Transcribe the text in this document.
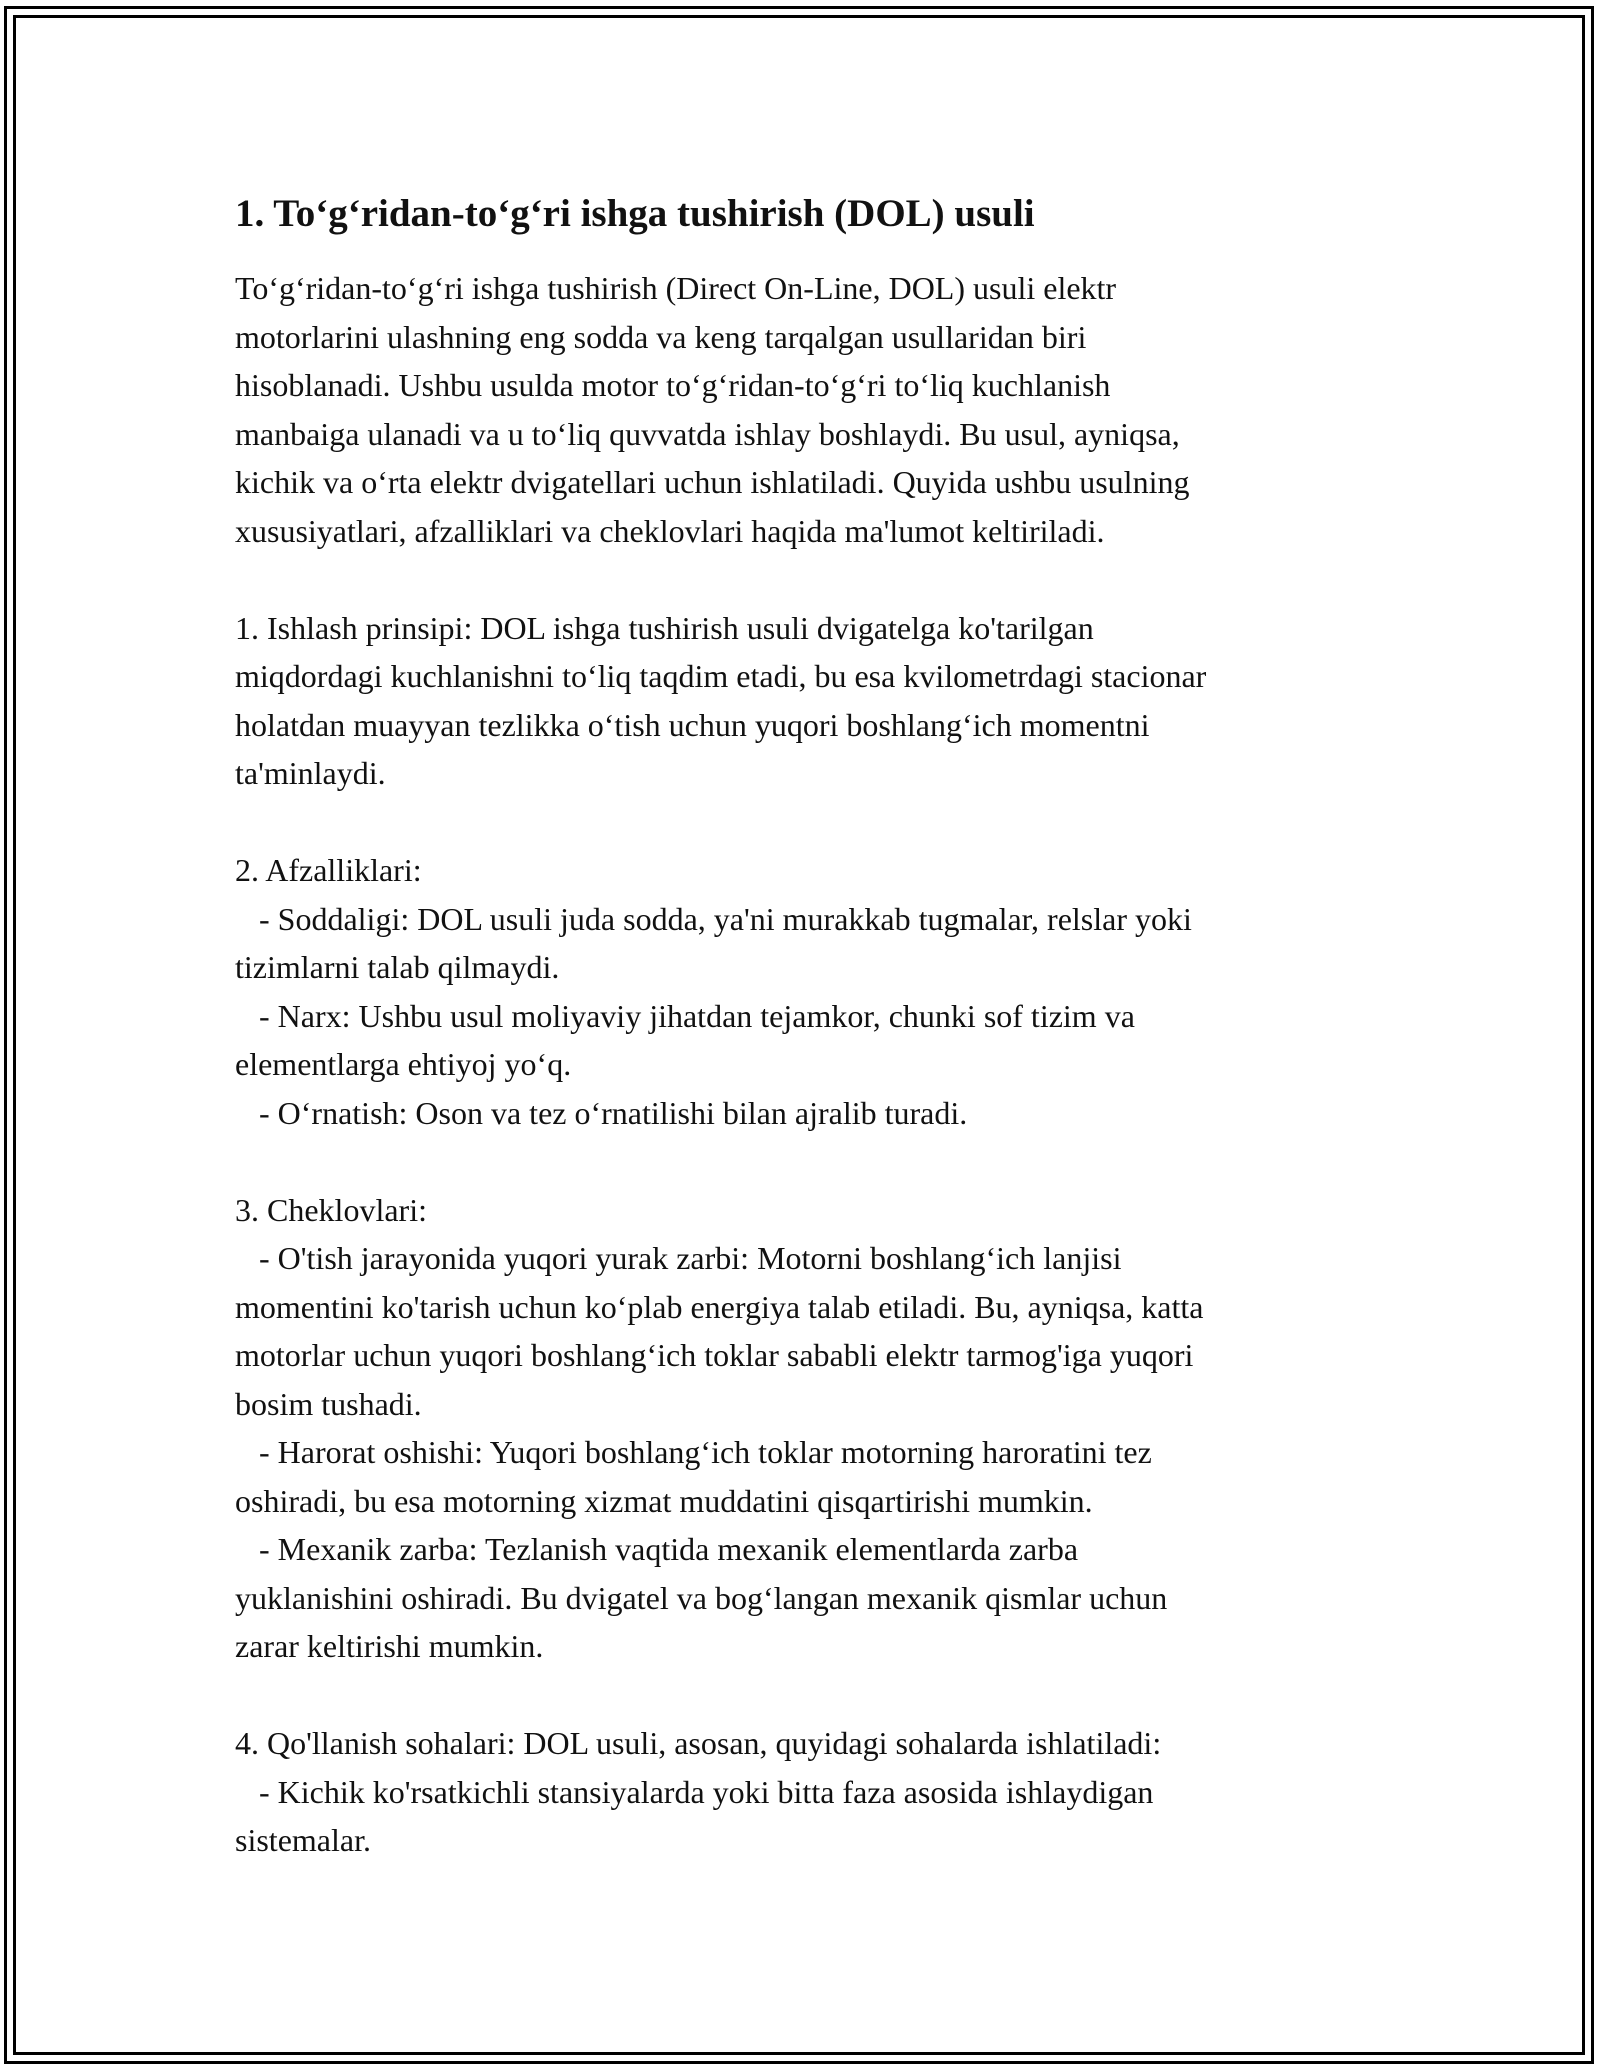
1. To‘g‘ridan-to‘g‘ri ishga tushirish (DOL) usuli
To‘g‘ridan-to‘g‘ri ishga tushirish (Direct On-Line, DOL) usuli elektr
motorlarini ulashning eng sodda va keng tarqalgan usullaridan biri
hisoblanadi. Ushbu usulda motor to‘g‘ridan-to‘g‘ri to‘liq kuchlanish
manbaiga ulanadi va u to‘liq quvvatda ishlay boshlaydi. Bu usul, ayniqsa,
kichik va o‘rta elektr dvigatellari uchun ishlatiladi. Quyida ushbu usulning
xususiyatlari, afzalliklari va cheklovlari haqida ma'lumot keltiriladi.
1. Ishlash prinsipi: DOL ishga tushirish usuli dvigatelga ko'tarilgan
miqdordagi kuchlanishni to‘liq taqdim etadi, bu esa kvilometrdagi stacionar
holatdan muayyan tezlikka o‘tish uchun yuqori boshlang‘ich momentni
ta'minlaydi.
2. Afzalliklari:
- Soddaligi: DOL usuli juda sodda, ya'ni murakkab tugmalar, relslar yoki
tizimlarni talab qilmaydi.
- Narx: Ushbu usul moliyaviy jihatdan tejamkor, chunki sof tizim va
elementlarga ehtiyoj yo‘q.
- O‘rnatish: Oson va tez o‘rnatilishi bilan ajralib turadi.
3. Cheklovlari:
- O'tish jarayonida yuqori yurak zarbi: Motorni boshlang‘ich lanjisi
momentini ko'tarish uchun ko‘plab energiya talab etiladi. Bu, ayniqsa, katta
motorlar uchun yuqori boshlang‘ich toklar sababli elektr tarmog'iga yuqori
bosim tushadi.
- Harorat oshishi: Yuqori boshlang‘ich toklar motorning haroratini tez
oshiradi, bu esa motorning xizmat muddatini qisqartirishi mumkin.
- Mexanik zarba: Tezlanish vaqtida mexanik elementlarda zarba
yuklanishini oshiradi. Bu dvigatel va bog‘langan mexanik qismlar uchun
zarar keltirishi mumkin.
4. Qo'llanish sohalari: DOL usuli, asosan, quyidagi sohalarda ishlatiladi:
- Kichik ko'rsatkichli stansiyalarda yoki bitta faza asosida ishlaydigan
sistemalar.
